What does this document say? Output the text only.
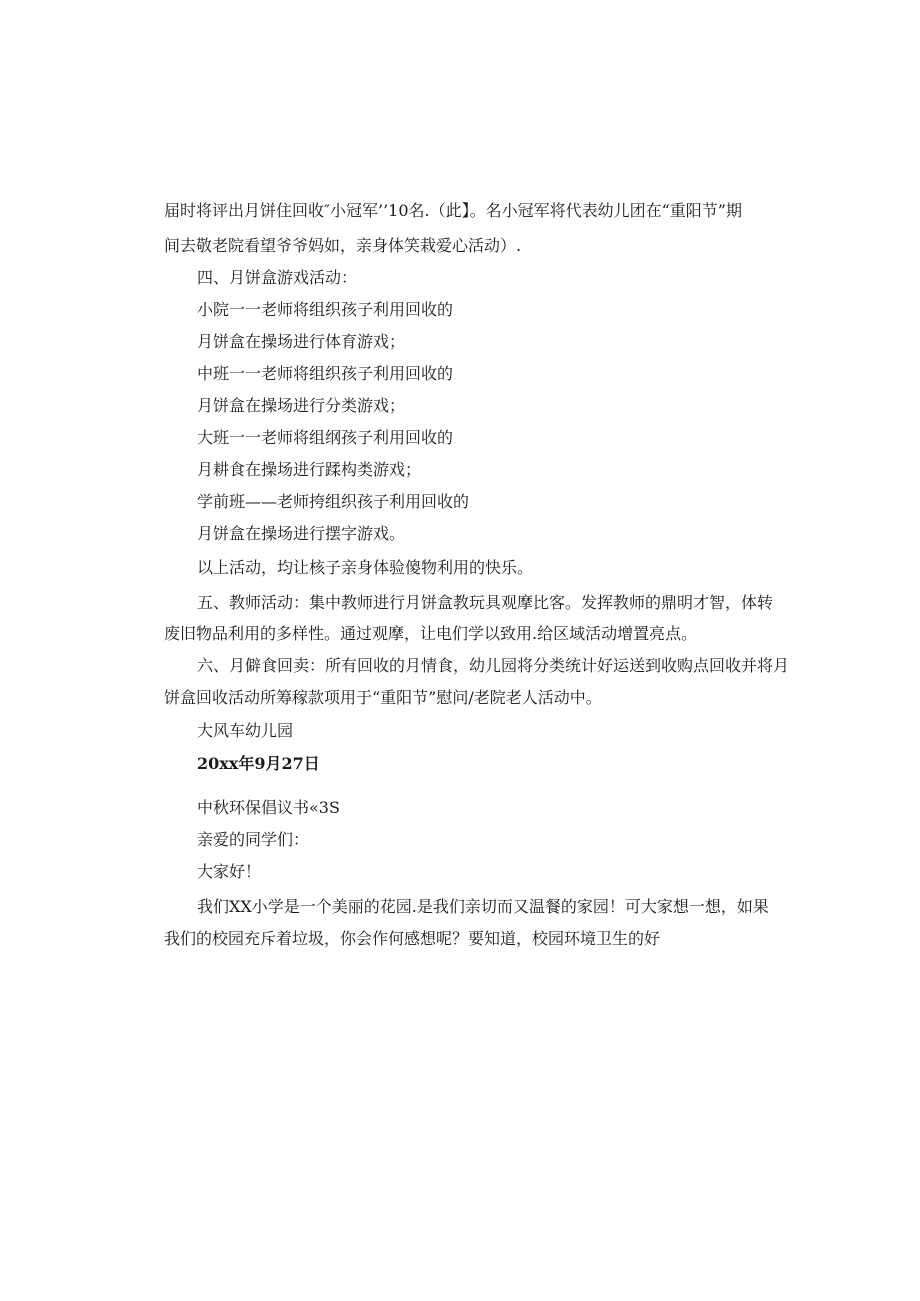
届时将评出月饼住回收″小冠军’’10名.（此】。名小冠军将代表幼儿团在“重阳节”期
间去敬老院看望爷爷妈如，亲身体笑栽爱心活动）.
四、月饼盒游戏活动：
小院一一老师将组织孩子利用回收的
月饼盒在操场进行体育游戏；
中班一一老师将组织孩子利用回收的
月饼盒在操场进行分类游戏；
大班一一老师将组纲孩子利用回收的
月耕食在操场进行蹂构类游戏；
学前班——老师挎组织孩子利用回收的
月饼盒在操场进行摆字游戏。
以上活动，均让核子亲身体验傻物利用的快乐。
五、教师活动：集中教师进行月饼盒教玩具观摩比客。发挥教师的鼎明才智，体转
废旧物品利用的多样性。通过观摩，让电们学以致用.给区域活动增置亮点。
六、月僻食回卖：所有回收的月情食，幼儿园将分类统计好运送到收购点回收并将月
饼盒回收活动所筹稼款项用于“重阳节”慰问/老院老人活动中。
大风车幼儿园
20xx年9月27日
中秋环保倡议书«3S
亲爱的同学们：
大家好！
我们XX小学是一个美丽的花园.是我们亲切而又温餐的家园！可大家想一想，如果
我们的校园充斥着垃圾，你会作何感想呢？要知道，校园环境卫生的好
